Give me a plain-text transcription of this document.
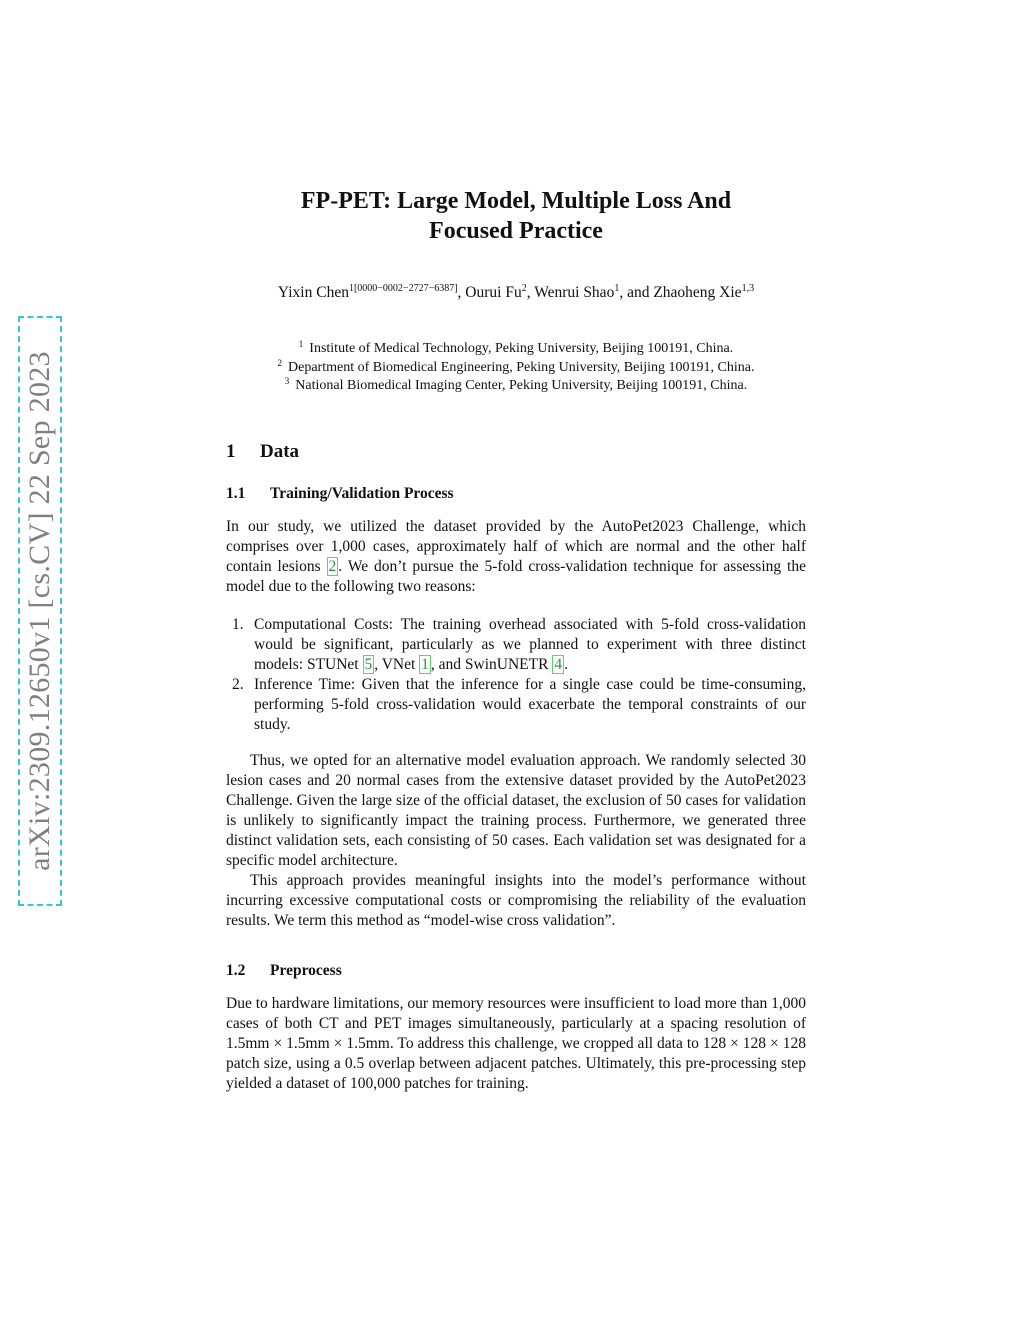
arXiv:2309.12650v1 [cs.CV] 22 Sep 2023
FP-PET: Large Model, Multiple Loss And
Focused Practice
Yixin Chen$^{1[0000-0002-2727-6387]}$, Ourui Fu$^2$, Wenrui Shao$^1$, and Zhaoheng Xie$^{1,3}$
$^1$ Institute of Medical Technology, Peking University, Beijing 100191, China.
$^2$ Department of Biomedical Engineering, Peking University, Beijing 100191, China.
$^3$ National Biomedical Imaging Center, Peking University, Beijing 100191, China.
1 Data
1.1 Training/Validation Process

In our study, we utilized the dataset provided by the AutoPet2023 Challenge, which comprises over 1,000 cases, approximately half of which are normal and the other half contain lesions 2 . We don’t pursue the 5-fold cross-validation technique for assessing the model due to the following two reasons:

1. Computational Costs: The training overhead associated with 5-fold cross-validation would be significant, particularly as we planned to experiment with three distinct models: STUNet 5 , VNet 1 , and SwinUNETR 4 .
2. Inference Time: Given that the inference for a single case could be time-consuming, performing 5-fold cross-validation would exacerbate the temporal constraints of our study.

Thus, we opted for an alternative model evaluation approach. We randomly selected 30 lesion cases and 20 normal cases from the extensive dataset provided by the AutoPet2023 Challenge. Given the large size of the official dataset, the exclusion of 50 cases for validation is unlikely to significantly impact the training process. Furthermore, we generated three distinct validation sets, each consisting of 50 cases. Each validation set was designated for a specific model architecture.

This approach provides meaningful insights into the model’s performance without incurring excessive computational costs or compromising the reliability of the evaluation results. We term this method as “model-wise cross validation”.

1.2 Preprocess

Due to hardware limitations, our memory resources were insufficient to load more than 1,000 cases of both CT and PET images simultaneously, particularly at a spacing resolution of 1.5mm × 1.5mm × 1.5mm. To address this challenge, we cropped all data to 128 × 128 × 128 patch size, using a 0.5 overlap between adjacent patches. Ultimately, this pre-processing step yielded a dataset of 100,000 patches for training.
